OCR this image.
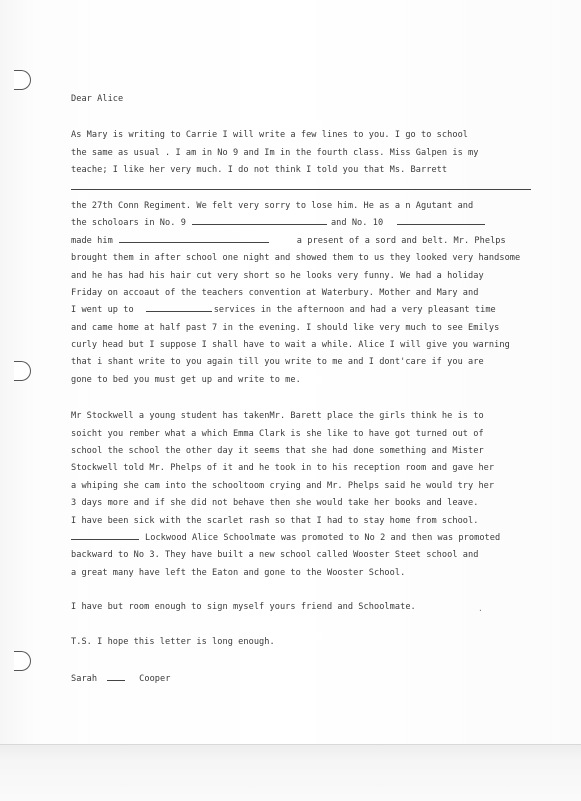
Dear Alice
As Mary is writing to Carrie I will write a few lines to you. I go to school
the same as usual . I am in No 9 and Im in the fourth class. Miss Galpen is my
teache; I like her very much. I do not think I told you that Ms. Barrett
the 27th Conn Regiment. We felt very sorry to lose him. He as a n Agutant and
the scholoars in No. 9	and No. 10
made him	a present of a sord and belt. Mr. Phelps
brought them in after school one night and showed them to us they looked very handsome
and he has had his hair cut very short so he looks very funny. We had a holiday
Friday on accoaut of the teachers convention at Waterbury. Mother and Mary and
I went up to	services in the afternoon and had a very pleasant time
and came home at half past 7 in the evening. I should like very much to see Emilys
curly head but I suppose I shall have to wait a while. Alice I will give you warning
that i shant write to you again till you write to me and I dont'care if you are
gone to bed you must get up and write to me.
Mr Stockwell a young student has takenMr. Barett place the girls think he is to
soicht you rember what a which Emma Clark is she like to have got turned out of
school the school the other day it seems that she had done something and Mister
Stockwell told Mr. Phelps of it and he took in to his reception room and gave her
a whiping she cam into the schooltoom crying and Mr. Phelps said he would try her
3 days more and if she did not behave then she would take her books and leave.
I have been sick with the scarlet rash so that I had to stay home from school.
Lockwood Alice Schoolmate was promoted to No 2 and then was promoted
backward to No 3. They have built a new school called Wooster Steet school and
a great many have left the Eaton and gone to the Wooster School.
I have but room enough to sign myself yours friend and Schoolmate.
T.S. I hope this letter is long enough.
Sarah	Cooper
·
